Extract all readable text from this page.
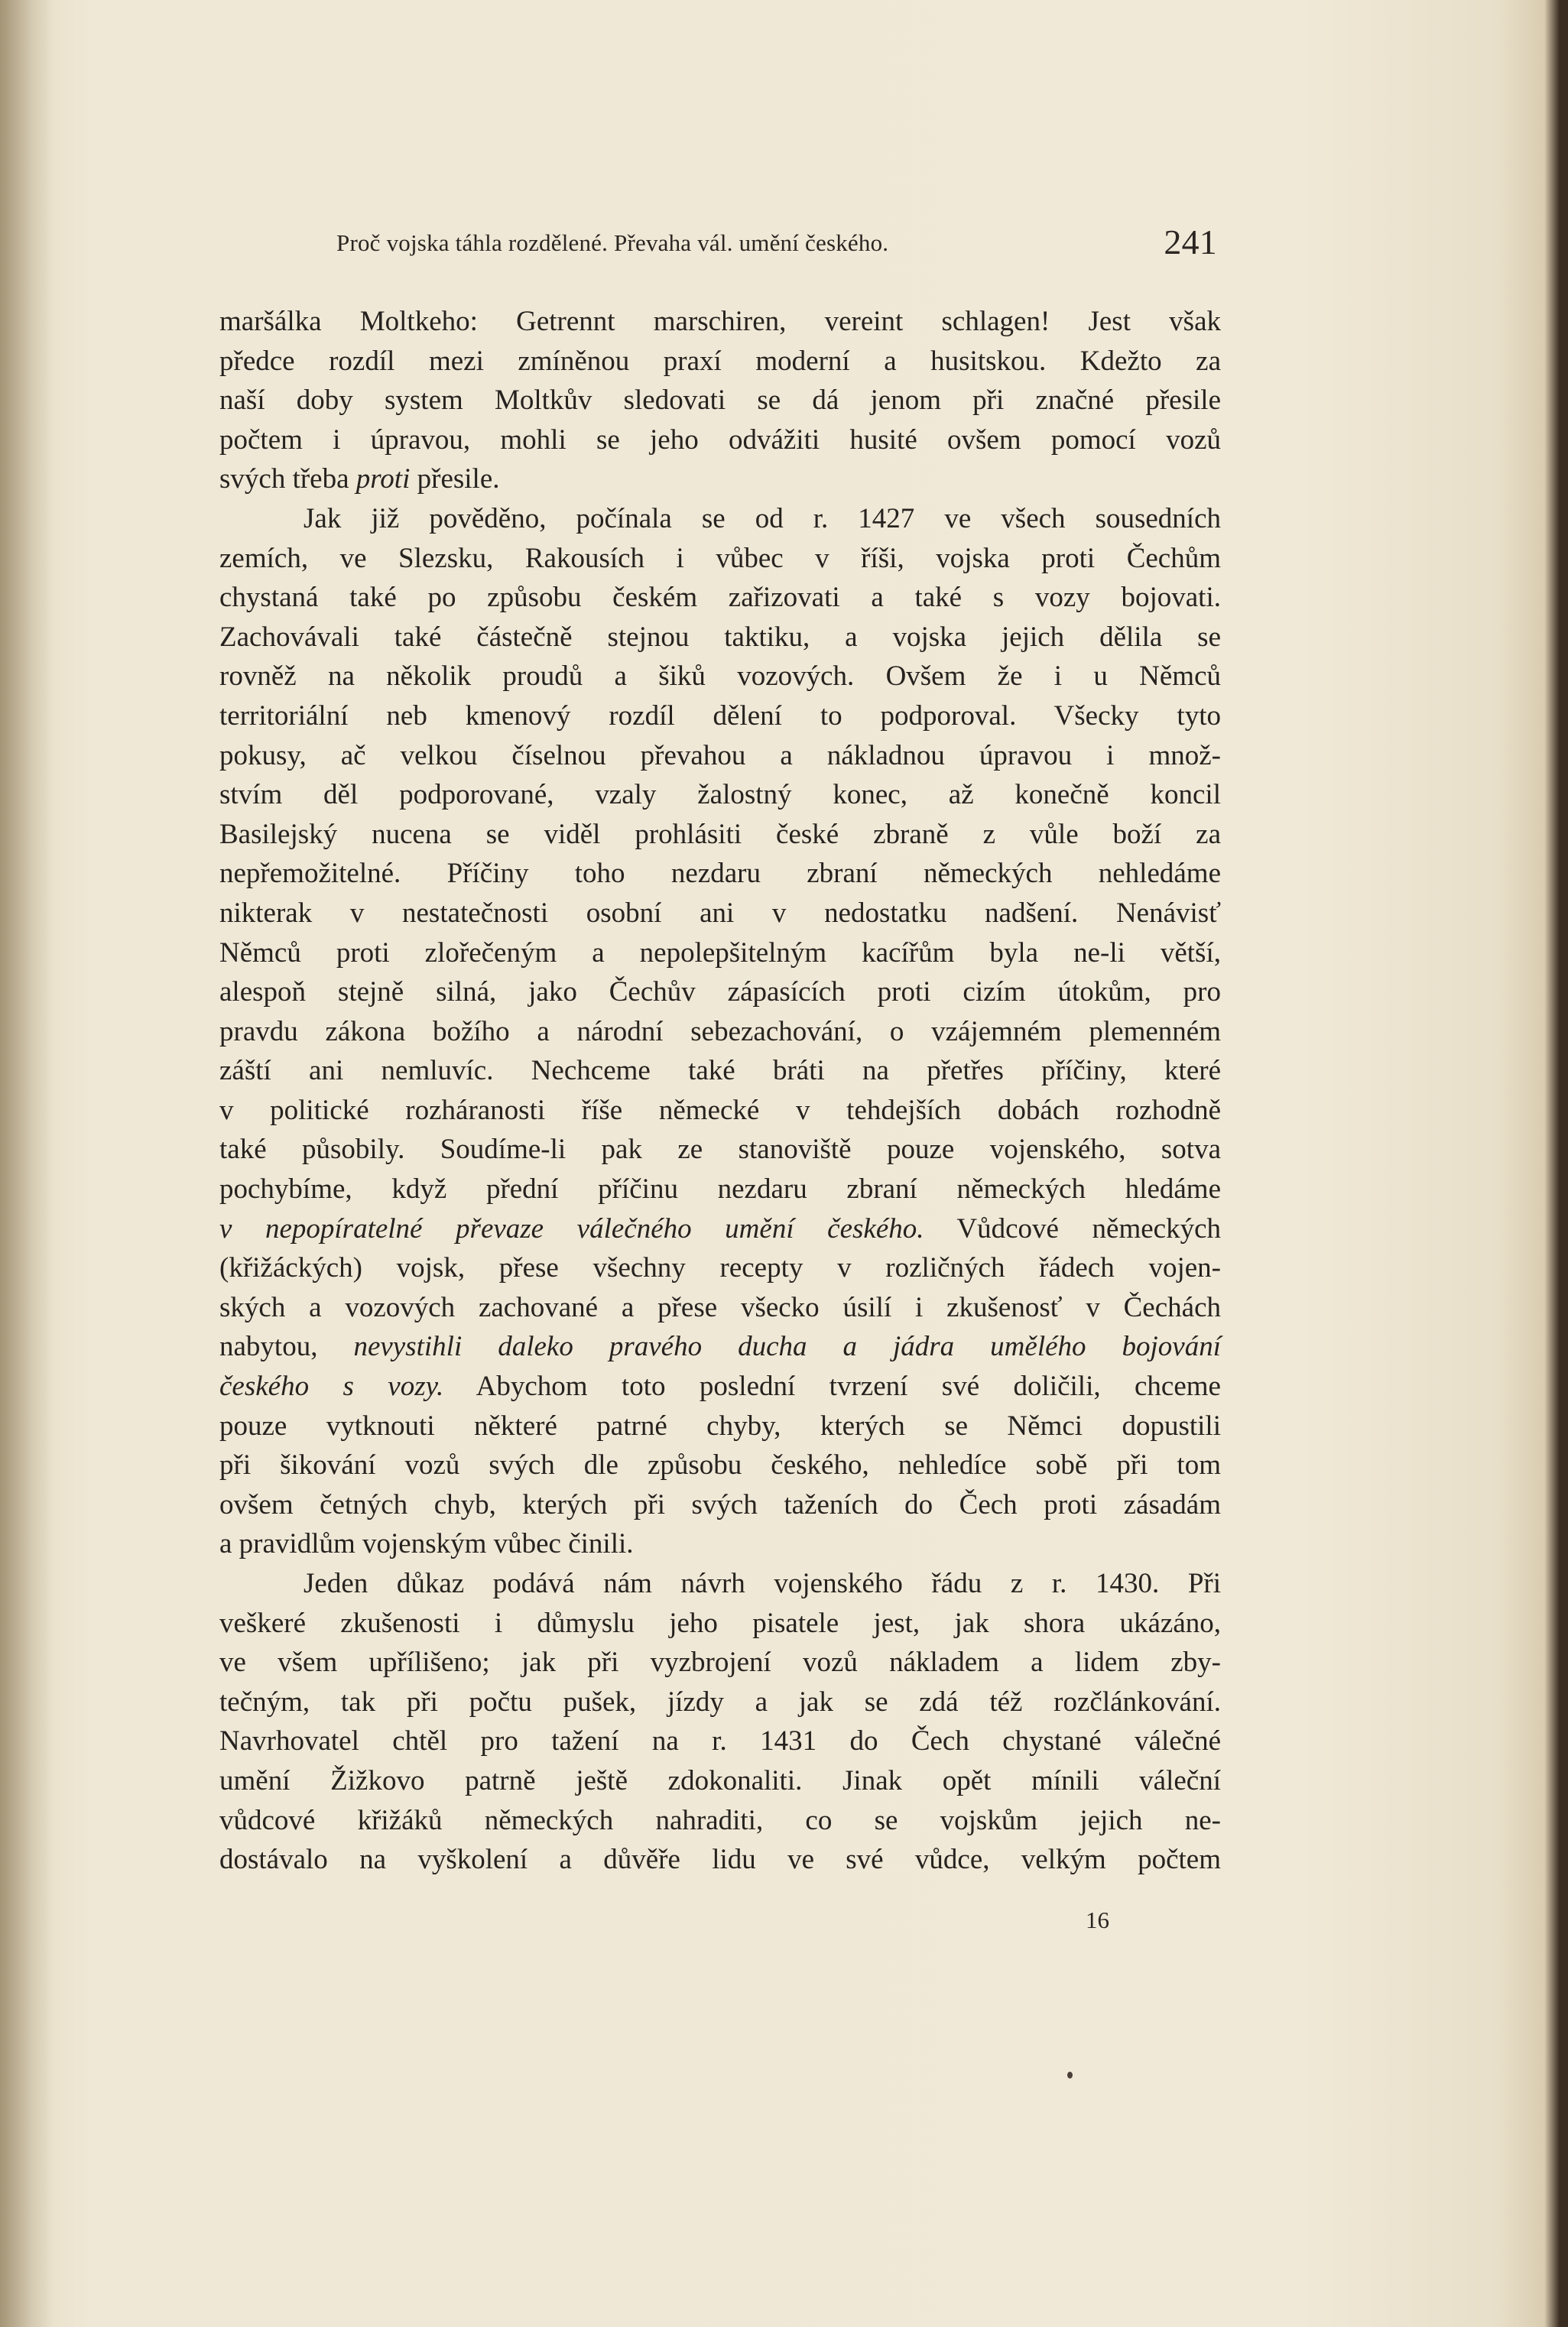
Proč vojska táhla rozdělené. Převaha vál. umění českého.	241
maršálka Moltkeho: Getrennt marschiren, vereint schlagen! Jest však
předce rozdíl mezi zmíněnou praxí moderní a husitskou. Kdežto za
naší doby system Moltkův sledovati se dá jenom při značné přesile
počtem i úpravou, mohli se jeho odvážiti husité ovšem pomocí vozů
svých třeba proti přesile.
Jak již pověděno, počínala se od r. 1427 ve všech sousedních
zemích, ve Slezsku, Rakousích i vůbec v říši, vojska proti Čechům
chystaná také po způsobu českém zařizovati a také s vozy bojovati.
Zachovávali také částečně stejnou taktiku, a vojska jejich dělila se
rovněž na několik proudů a šiků vozových. Ovšem že i u Němců
territoriální neb kmenový rozdíl dělení to podporoval. Všecky tyto
pokusy, ač velkou číselnou převahou a nákladnou úpravou i množ-
stvím děl podporované, vzaly žalostný konec, až konečně koncil
Basilejský nucena se viděl prohlásiti české zbraně z vůle boží za
nepřemožitelné. Příčiny toho nezdaru zbraní německých nehledáme
nikterak v nestatečnosti osobní ani v nedostatku nadšení. Nenávisť
Němců proti zlořečeným a nepolepšitelným kacířům byla ne-li větší,
alespoň stejně silná, jako Čechův zápasících proti cizím útokům, pro
pravdu zákona božího a národní sebezachování, o vzájemném plemenném
záští ani nemluvíc. Nechceme také bráti na přetřes příčiny, které
v politické rozháranosti říše německé v tehdejších dobách rozhodně
také působily. Soudíme-li pak ze stanoviště pouze vojenského, sotva
pochybíme, když přední příčinu nezdaru zbraní německých hledáme
v nepopíratelné převaze válečného umění českého. Vůdcové německých
(křižáckých) vojsk, přese všechny recepty v rozličných řádech vojen-
ských a vozových zachované a přese všecko úsilí i zkušenosť v Čechách
nabytou, nevystihli daleko pravého ducha a jádra umělého bojování
českého s vozy. Abychom toto poslední tvrzení své doličili, chceme
pouze vytknouti některé patrné chyby, kterých se Němci dopustili
při šikování vozů svých dle způsobu českého, nehledíce sobě při tom
ovšem četných chyb, kterých při svých taženích do Čech proti zásadám
a pravidlům vojenským vůbec činili.
Jeden důkaz podává nám návrh vojenského řádu z r. 1430. Při
veškeré zkušenosti i důmyslu jeho pisatele jest, jak shora ukázáno,
ve všem upřílišeno; jak při vyzbrojení vozů nákladem a lidem zby-
tečným, tak při počtu pušek, jízdy a jak se zdá též rozčlánkování.
Navrhovatel chtěl pro tažení na r. 1431 do Čech chystané válečné
umění Žižkovo patrně ještě zdokonaliti. Jinak opět mínili váleční
vůdcové křižáků německých nahraditi, co se vojskům jejich ne-
dostávalo na vyškolení a důvěře lidu ve své vůdce, velkým počtem
16
